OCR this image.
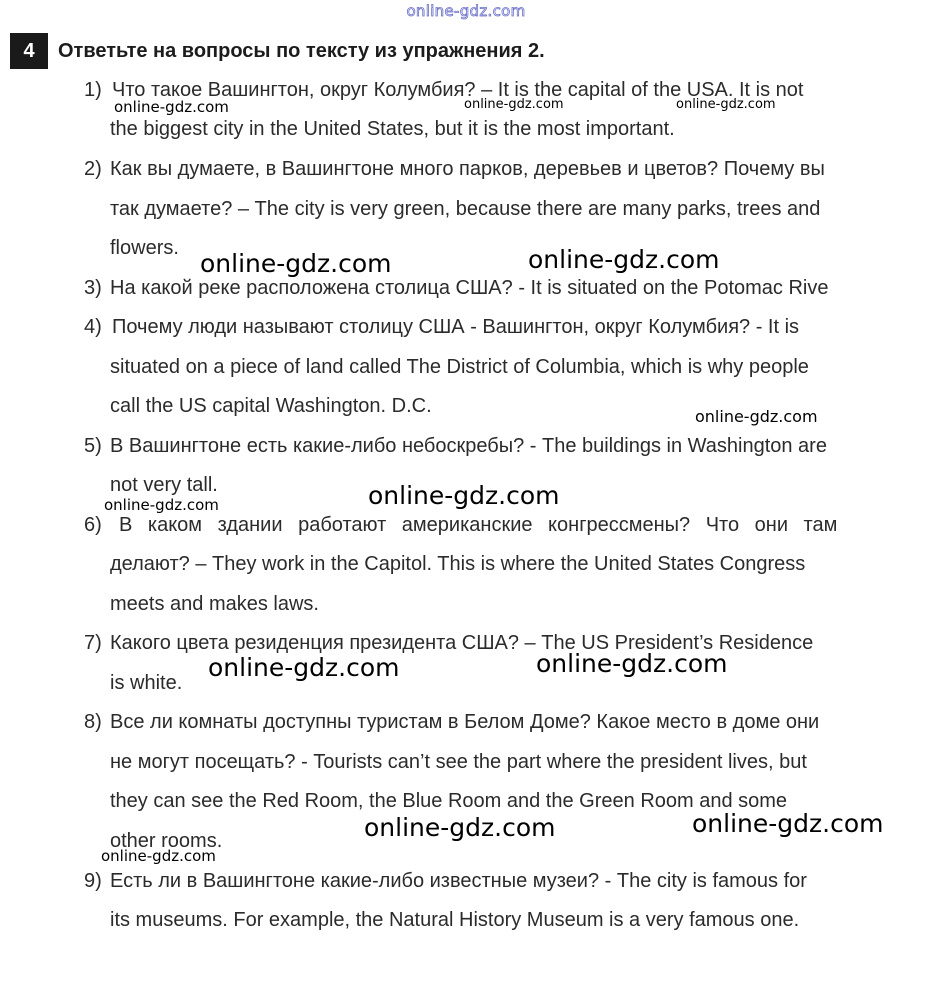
online-gdz.com
4	Ответьте на вопросы по тексту из упражнения 2.
1) Что такое Вашингтон, округ Колумбия? – It is the capital of the USA. It is not
the biggest city in the United States, but it is the most important.
2) Как вы думаете, в Вашингтоне много парков, деревьев и цветов? Почему вы
так думаете? – The city is very green, because there are many parks, trees and
flowers.
3) На какой реке расположена столица США? - It is situated on the Potomac Rive
4) Почему люди называют столицу США - Вашингтон, округ Колумбия? - It is
situated on a piece of land called The District of Columbia, which is why people
call the US capital Washington. D.C.
5) В Вашингтоне есть какие-либо небоскребы? - The buildings in Washington are
not very tall.
6) В каком здании работают американские конгрессмены? Что они там
делают? – They work in the Capitol. This is where the United States Congress
meets and makes laws.
7) Какого цвета резиденция президента США? – The US President’s Residence
is white.
8) Все ли комнаты доступны туристам в Белом Доме? Какое место в доме они
не могут посещать? - Tourists can’t see the part where the president lives, but
they can see the Red Room, the Blue Room and the Green Room and some
other rooms.
9) Есть ли в Вашингтоне какие-либо известные музеи? - The city is famous for
its museums. For example, the Natural History Museum is a very famous one.
online-gdz.com	online-gdz.com	online-gdz.com
online-gdz.com	online-gdz.com
online-gdz.com
online-gdz.com	online-gdz.com
online-gdz.com	online-gdz.com
online-gdz.com	online-gdz.com
online-gdz.com
